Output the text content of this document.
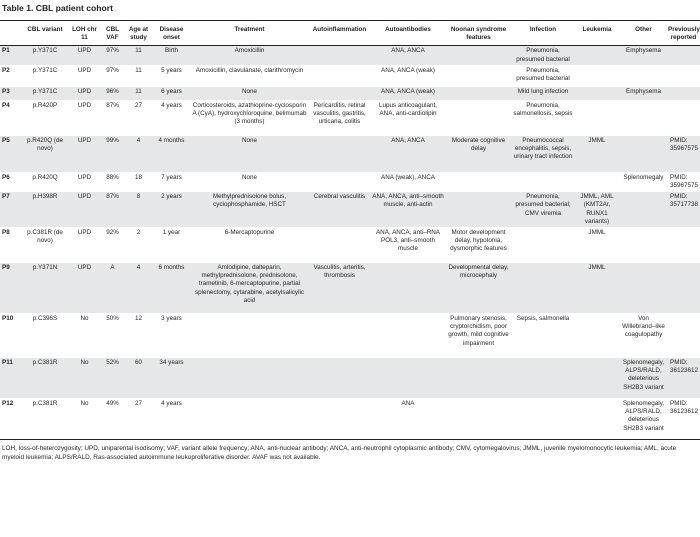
Table 1. CBL patient cohort
	CBL variant	LOH chr 11	CBL VAF	Age at study	Disease onset	Treatment	Autoinflammation	Autoantibodies	Noonan syndrome features	Infection	Leukemia	Other	Previously reported
P1	p.Y371C	UPD	97%	11	Birth	Amoxicillin		ANA, ANCA		Pneumonia, presumed bacterial		Emphysema	
P2	p.Y371C	UPD	97%	11	5 years	Amoxicillin, clavulanate, clarithromycin		ANA, ANCA (weak)		Pneumonia, presumed bacterial			
P3	p.Y371C	UPD	96%	11	6 years	None		ANA, ANCA (weak)		Mild lung infection		Emphysema	
P4	p.R420P	UPD	87%	27	4 years	Corticosteroids, azathioprine-cyclosporin A (CyA), hydroxychloroquine, belimumab (3 months)	Pericarditis, retinal vasculitis, gastritis, urticaria, colitis	Lupus anticoagulant, ANA, anti-cardiolipin		Pneumonia, salmonellosis, sepsis			
P5	p.R420Q (de novo)	UPD	99%	4	4 months	None		ANA, ANCA	Moderate cognitive delay	Pneumococcal encephalitis, sepsis, urinary tract infection	JMML		PMID: 35967575
P6	p.R420Q	UPD	88%	18	7 years	None		ANA (weak), ANCA				Splenomegaly	PMID: 35967575
P7	p.H398R	UPD	87%	8	2 years	Methylprednisolone bolus, cyclophosphamide, HSCT	Cerebral vasculitis	ANA, ANCA, anti–smooth muscle, anti-actin		Pneumonia, presumed bacterial; CMV viremia	JMML, AML (KMT2Ar, RUNX1 variants)		PMID: 35717738
P8	p.C381R (de novo)	UPD	92%	2	1 year	6-Mercaptopurine		ANA, ANCA, anti–RNA POL3, anti–smooth muscle	Motor development delay, hypotonia, dysmorphic features		JMML		
P9	p.Y371N	UPD	A	4	6 months	Amlodipine, dalteparin, methylprednisolone, prednisolone, trametinib, 6-mercaptopurine, partial splenectomy, cytarabine, acetylsalicylic acid	Vasculitis, arteritis, thrombosis		Developmental delay, microcephaly		JMML		
P10	p.C396S	No	50%	12	3 years				Pulmonary stenosis, cryptorchidism, poor growth, mild cognitive impairment	Sepsis, salmonella		Von Willebrand–like coagulopathy	
P11	p.C381R	No	52%	60	34 years							Splenomegaly, ALPS/RALD, deleterious SH2B3 variant	PMID: 36123612
P12	p.C381R	No	49%	27	4 years			ANA				Splenomegaly, ALPS/RALD, deleterious SH2B3 variant	PMID: 36123612
LOH, loss-of-heterozygosity; UPD, uniparental isodisomy; VAF, variant allele frequency; ANA, anti-nuclear antibody; ANCA, anti-neutrophil cytoplasmic antibody; CMV, cytomegalovirus; JMML, juvenile myelomonocytic leukemia; AML, acute myeloid leukemia; ALPS/RALD, Ras-associated autoimmune leukoproliferative disorder. AVAF was not available.
